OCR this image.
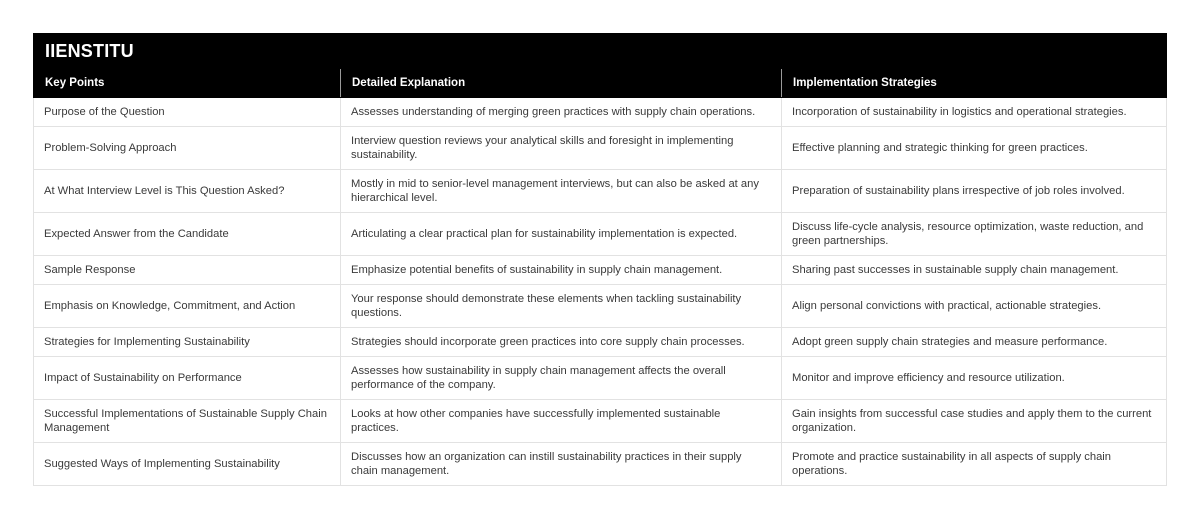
IIENSTITU		
Key Points	Detailed Explanation	Implementation Strategies
Purpose of the Question	Assesses understanding of merging green practices with supply chain operations.	Incorporation of sustainability in logistics and operational strategies.
Problem-Solving Approach	Interview question reviews your analytical skills and foresight in implementing sustainability.	Effective planning and strategic thinking for green practices.
At What Interview Level is This Question Asked?	Mostly in mid to senior-level management interviews, but can also be asked at any hierarchical level.	Preparation of sustainability plans irrespective of job roles involved.
Expected Answer from the Candidate	Articulating a clear practical plan for sustainability implementation is expected.	Discuss life-cycle analysis, resource optimization, waste reduction, and green partnerships.
Sample Response	Emphasize potential benefits of sustainability in supply chain management.	Sharing past successes in sustainable supply chain management.
Emphasis on Knowledge, Commitment, and Action	Your response should demonstrate these elements when tackling sustainability questions.	Align personal convictions with practical, actionable strategies.
Strategies for Implementing Sustainability	Strategies should incorporate green practices into core supply chain processes.	Adopt green supply chain strategies and measure performance.
Impact of Sustainability on Performance	Assesses how sustainability in supply chain management affects the overall performance of the company.	Monitor and improve efficiency and resource utilization.
Successful Implementations of Sustainable Supply Chain Management	Looks at how other companies have successfully implemented sustainable practices.	Gain insights from successful case studies and apply them to the current organization.
Suggested Ways of Implementing Sustainability	Discusses how an organization can instill sustainability practices in their supply chain management.	Promote and practice sustainability in all aspects of supply chain operations.
